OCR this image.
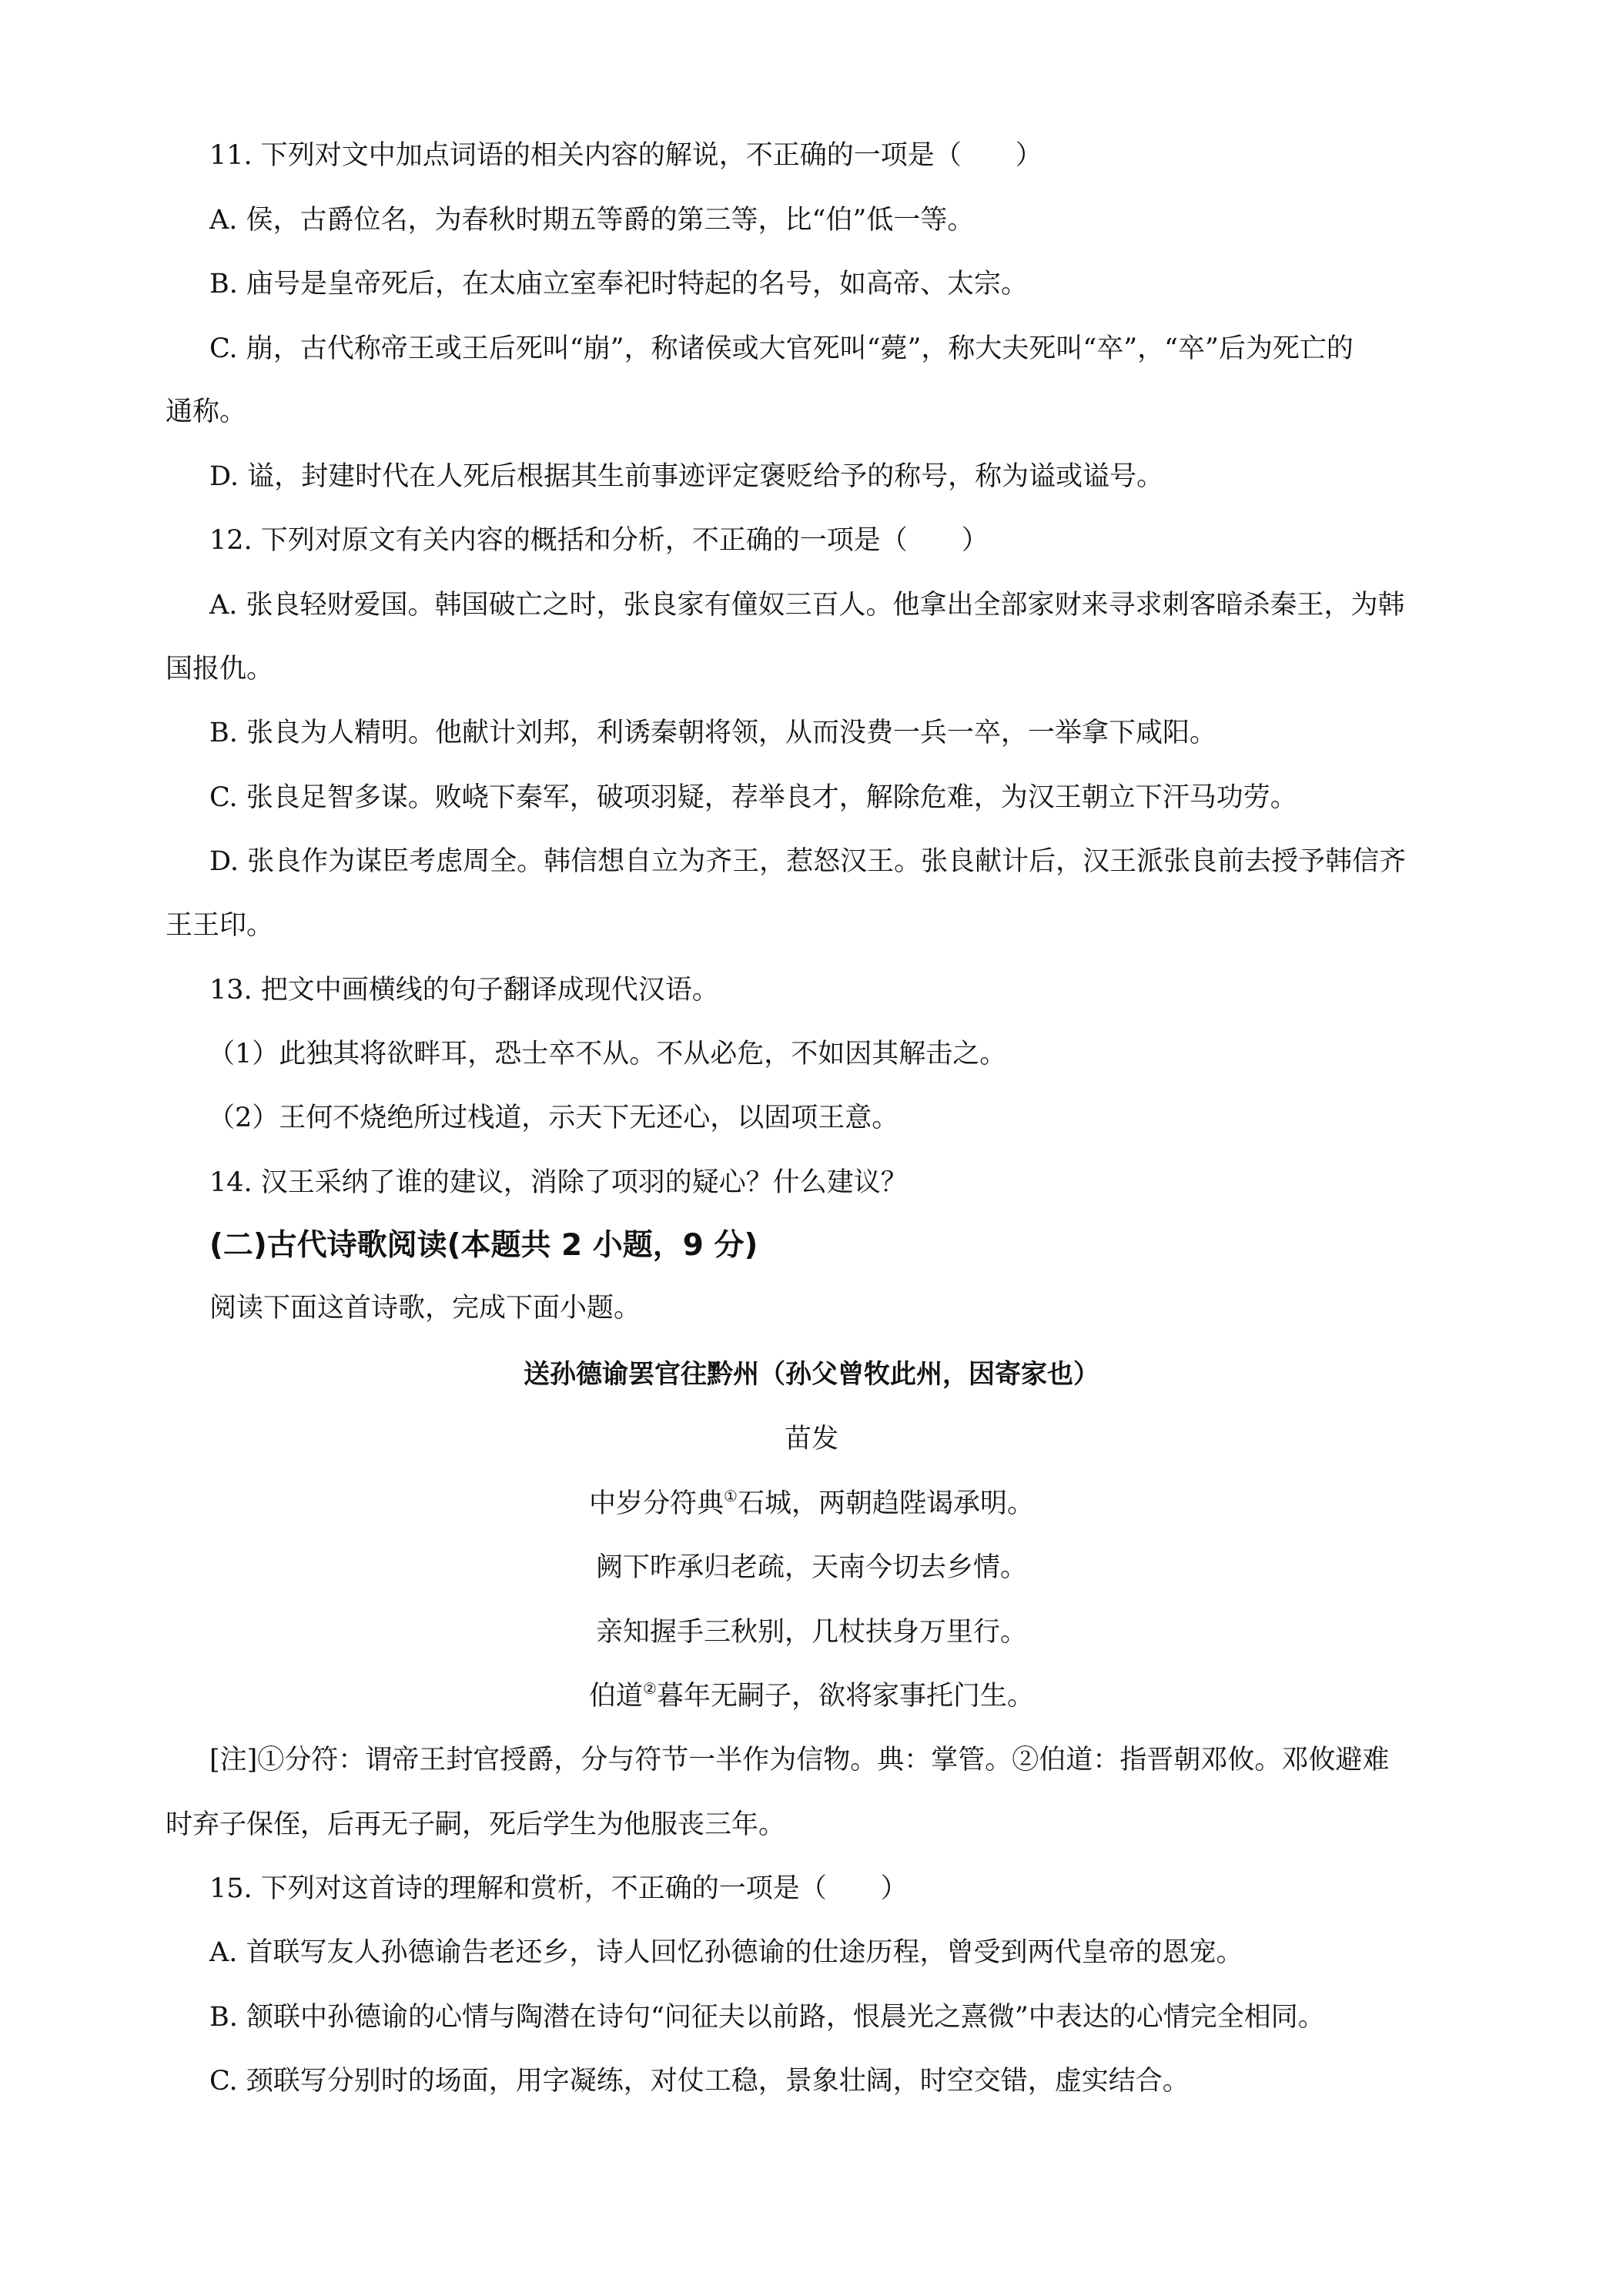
11. 下列对文中加点词语的相关内容的解说，不正确的一项是（　　）
A. 侯，古爵位名，为春秋时期五等爵的第三等，比“伯”低一等。
B. 庙号是皇帝死后，在太庙立室奉祀时特起的名号，如高帝、太宗。
C. 崩，古代称帝王或王后死叫“崩”，称诸侯或大官死叫“薨”，称大夫死叫“卒”，“卒”后为死亡的
通称。
D. 谥，封建时代在人死后根据其生前事迹评定褒贬给予的称号，称为谥或谥号。
12. 下列对原文有关内容的概括和分析，不正确的一项是（　　）
A. 张良轻财爱国。韩国破亡之时，张良家有僮奴三百人。他拿出全部家财来寻求刺客暗杀秦王，为韩
国报仇。
B. 张良为人精明。他献计刘邦，利诱秦朝将领，从而没费一兵一卒，一举拿下咸阳。
C. 张良足智多谋。败峣下秦军，破项羽疑，荐举良才，解除危难，为汉王朝立下汗马功劳。
D. 张良作为谋臣考虑周全。韩信想自立为齐王，惹怒汉王。张良献计后，汉王派张良前去授予韩信齐
王王印。
13. 把文中画横线的句子翻译成现代汉语。
（1）此独其将欲畔耳，恐士卒不从。不从必危，不如因其解击之。
（2）王何不烧绝所过栈道，示天下无还心，以固项王意。
14. 汉王采纳了谁的建议，消除了项羽的疑心？什么建议？
(二)古代诗歌阅读(本题共 2 小题，9 分)
阅读下面这首诗歌，完成下面小题。
送孙德谕罢官往黔州（孙父曾牧此州，因寄家也）
苗发
中岁分符典①石城，两朝趋陛谒承明。
阙下昨承归老疏，天南今切去乡情。
亲知握手三秋别，几杖扶身万里行。
伯道②暮年无嗣子，欲将家事托门生。
[注]①分符：谓帝王封官授爵，分与符节一半作为信物。典：掌管。②伯道：指晋朝邓攸。邓攸避难
时弃子保侄，后再无子嗣，死后学生为他服丧三年。
15. 下列对这首诗的理解和赏析，不正确的一项是（　　）
A. 首联写友人孙德谕告老还乡，诗人回忆孙德谕的仕途历程，曾受到两代皇帝的恩宠。
B. 颔联中孙德谕的心情与陶潜在诗句“问征夫以前路，恨晨光之熹微”中表达的心情完全相同。
C. 颈联写分别时的场面，用字凝练，对仗工稳，景象壮阔，时空交错，虚实结合。
